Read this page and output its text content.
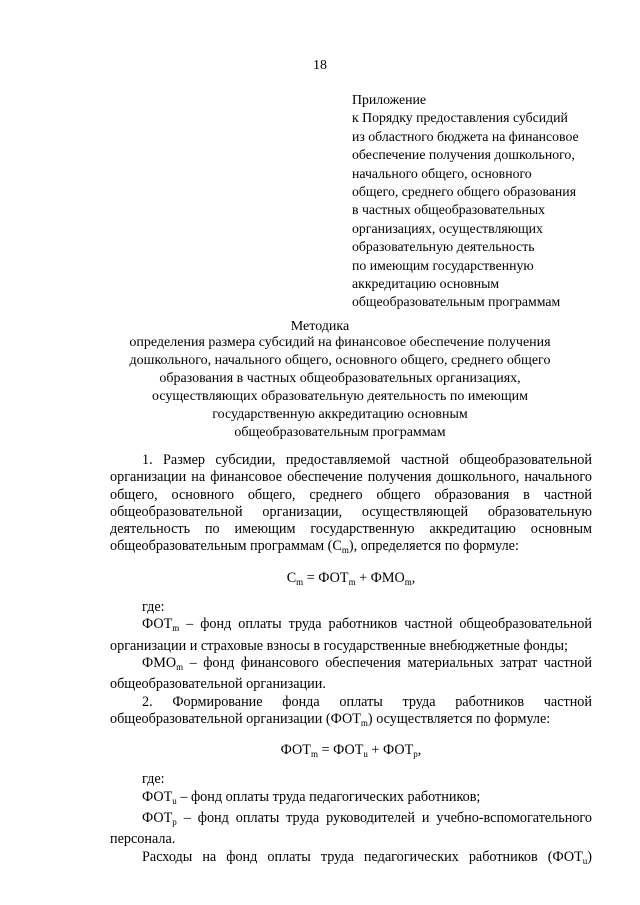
18
Приложение
к Порядку предоставления субсидий
из областного бюджета на финансовое
обеспечение получения дошкольного,
начального общего, основного
общего, среднего общего образования
в частных общеобразовательных
организациях, осуществляющих
образовательную деятельность
по имеющим государственную
аккредитацию основным
общеобразовательным программам
Методика
определения размера субсидий на финансовое обеспечение получения
дошкольного, начального общего, основного общего, среднего общего
образования в частных общеобразовательных организациях,
осуществляющих образовательную деятельность по имеющим
государственную аккредитацию основным
общеобразовательным программам
1. Размер субсидии, предоставляемой частной общеобразовательной
организации на финансовое обеспечение получения дошкольного, начального
общего, основного общего, среднего общего образования в частной
общеобразовательной организации, осуществляющей образовательную
деятельность по имеющим государственную аккредитацию основным
общеобразовательным программам $(С_m)$, определяется по формуле:
$С_m = ФОТ_m + ФМО_m$,
где:
$ФОТ_m$ – фонд оплаты труда работников частной общеобразовательной
организации и страховые взносы в государственные внебюджетные фонды;
$ФМО_m$ – фонд финансового обеспечения материальных затрат частной
общеобразовательной организации.
2. Формирование фонда оплаты труда работников частной
общеобразовательной организации $(ФОТ_m)$ осуществляется по формуле:
$ФОТ_m = ФОТ_u + ФОТ_p$,
где:
$ФОТ_u$ – фонд оплаты труда педагогических работников;
$ФОТ_p$ – фонд оплаты труда руководителей и учебно-вспомогательного
персонала.
Расходы на фонд оплаты труда педагогических работников $(ФОТ_u)$
